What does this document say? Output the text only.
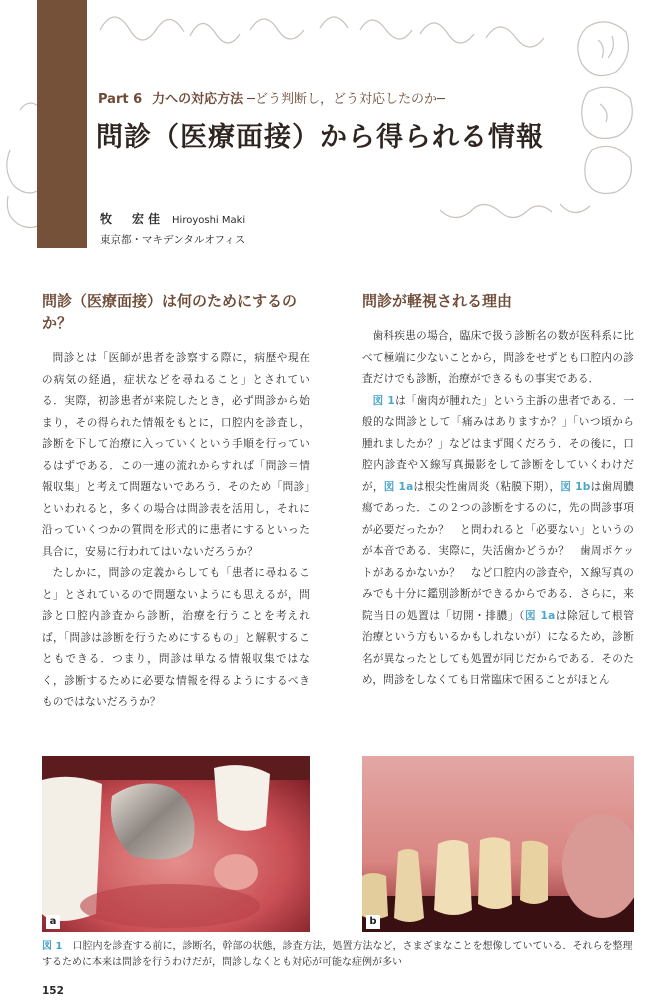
Part 6 力への対応方法 ─どう判断し，どう対応したのか─
問診（医療面接）から得られる情報
牧　宏佳 Hiroyoshi Maki
東京都・マキデンタルオフィス
問診（医療面接）は何のためにするのか？

問診とは「医師が患者を診察する際に，病歴や現在の病気の経過，症状などを尋ねること」とされている．実際，初診患者が来院したとき，必ず問診から始まり，その得られた情報をもとに，口腔内を診査し，診断を下して治療に入っていくという手順を行っているはずである．この一連の流れからすれば「問診＝情報収集」と考えて問題ないであろう．そのため「問診」といわれると，多くの場合は問診表を活用し，それに沿っていくつかの質問を形式的に患者にするといった具合に，安易に行われてはいないだろうか？

たしかに，問診の定義からしても「患者に尋ねること」とされているので問題ないようにも思えるが，問診と口腔内診査から診断，治療を行うことを考えれば，「問診は診断を行うためにするもの」と解釈することもできる．つまり，問診は単なる情報収集ではなく，診断するために必要な情報を得るようにするべきものではないだろうか？

問診が軽視される理由

歯科疾患の場合，臨床で扱う診断名の数が医科系に比べて極端に少ないことから，問診をせずとも口腔内の診査だけでも診断，治療ができるもの事実である．

図 1は「歯肉が腫れた」という主訴の患者である．一般的な問診として「痛みはありますか？」「いつ頃から腫れましたか？」などはまず聞くだろう．その後に，口腔内診査やＸ線写真撮影をして診断をしていくわけだが，図 1aは根尖性歯周炎（粘膜下期），図 1bは歯周膿瘍であった．この２つの診断をするのに，先の問診事項が必要だったか？　と問われると「必要ない」というのが本音である．実際に，失活歯かどうか？　歯周ポケットがあるかないか？　など口腔内の診査や，Ｘ線写真のみでも十分に鑑別診断ができるからである．さらに，来院当日の処置は「切開・排膿」（図 1aは除冠して根管治療という方もいるかもしれないが）になるため，診断名が異なったとしても処置が同じだからである．そのため，問診をしなくても日常臨床で困ることがほとん

a	b
図 1 口腔内を診査する前に，診断名，幹部の状態，診査方法，処置方法など，さまざまなことを想像していている．それらを整理するために本来は問診を行うわけだが，問診しなくとも対応が可能な症例が多い
152
